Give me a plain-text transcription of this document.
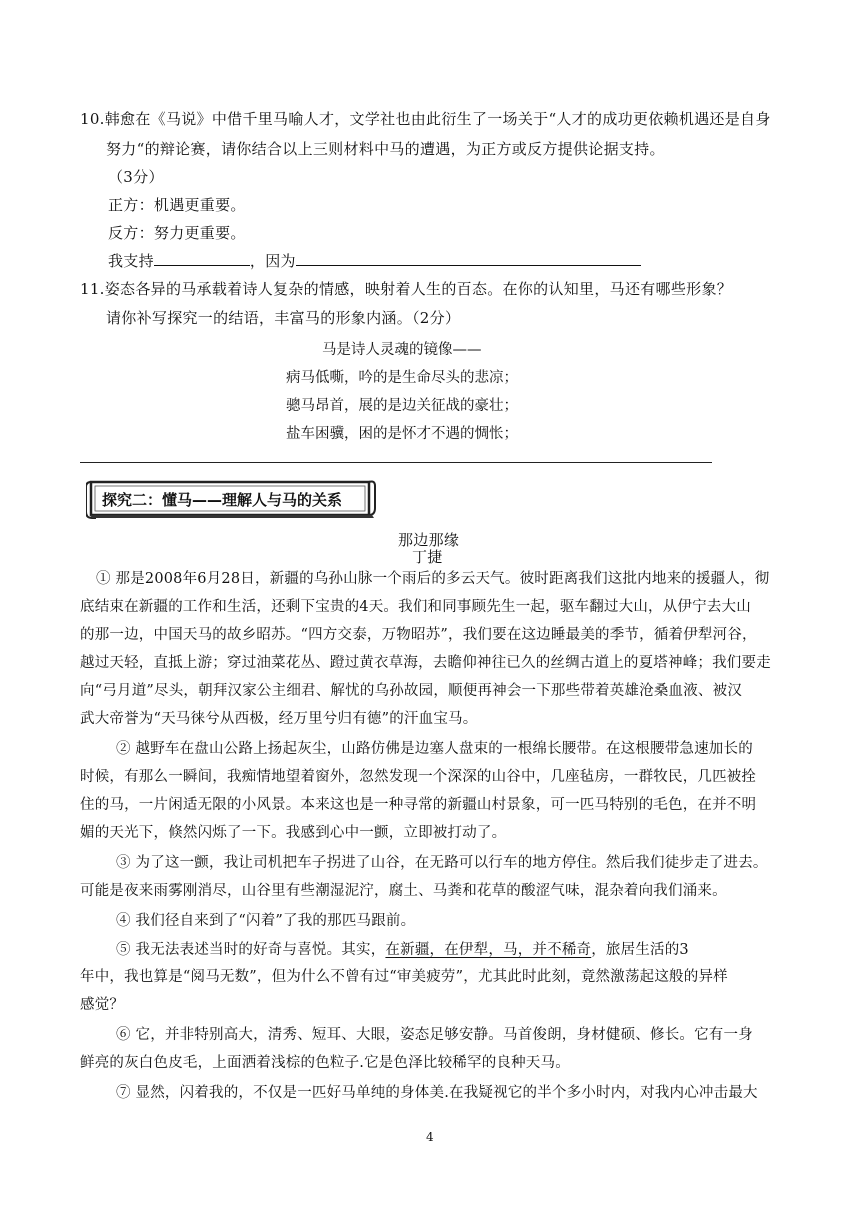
10.韩愈在《马说》中借千里马喻人才，文学社也由此衍生了一场关于“人才的成功更依赖机遇还是自身
努力“的辩论赛，请你结合以上三则材料中马的遭遇，为正方或反方提供论据支持。
（3分）
正方：机遇更重要。
反方：努力更重要。
我支持	，因为
11.姿态各异的马承载着诗人复杂的情感，映射着人生的百态。在你的认知里，马还有哪些形象？
请你补写探究一的结语，丰富马的形象内涵。（2分）
马是诗人灵魂的镜像——
病马低嘶，吟的是生命尽头的悲凉；
骢马昂首，展的是边关征战的豪壮；
盐车困骥，困的是怀才不遇的惆怅；
探究二：懂马——理解人与马的关系
那边那缘
丁捷
① 那是2008年6月28日，新疆的乌孙山脉一个雨后的多云天气。彼时距离我们这批内地来的援疆人，彻
底结束在新疆的工作和生活，还剩下宝贵的4天。我们和同事顾先生一起，驱车翻过大山，从伊宁去大山
的那一边，中国天马的故乡昭苏。“四方交泰，万物昭苏”，我们要在这边睡最美的季节，循着伊犁河谷，
越过天轻，直抵上游；穿过油菜花丛、蹬过黄衣草海，去瞻仰神往已久的丝绸古道上的夏塔神峰；我们要走
向“弓月道”尽头，朝拜汉家公主细君、解忧的乌孙故园，顺便再神会一下那些带着英雄沧桑血液、被汉
武大帝誉为“天马徕兮从西极，经万里兮归有德”的汗血宝马。
② 越野车在盘山公路上扬起灰尘，山路仿佛是边塞人盘束的一根绵长腰带。在这根腰带急速加长的
时候，有那么一瞬间，我痴情地望着窗外，忽然发现一个深深的山谷中，几座毡房，一群牧民，几匹被拴
住的马，一片闲适无限的小风景。本来这也是一种寻常的新疆山村景象，可一匹马特别的毛色，在并不明
媚的天光下，倏然闪烁了一下。我感到心中一颤，立即被打动了。
③ 为了这一颤，我让司机把车子拐进了山谷，在无路可以行车的地方停住。然后我们徒步走了进去。
可能是夜来雨雾刚消尽，山谷里有些潮湿泥泞，腐土、马粪和花草的酸涩气味，混杂着向我们涌来。
④ 我们径自来到了“闪着”了我的那匹马跟前。
⑤ 我无法表述当时的好奇与喜悦。其实，在新疆，在伊犁，马，并不稀奇，旅居生活的3
年中，我也算是“阅马无数”，但为什么不曾有过“审美疲劳”，尤其此时此刻，竟然激荡起这般的异样
感觉？
⑥ 它，并非特别高大，清秀、短耳、大眼，姿态足够安静。马首俊朗，身材健硕、修长。它有一身
鲜亮的灰白色皮毛，上面洒着浅棕的色粒子.它是色泽比较稀罕的良种天马。
⑦ 显然，闪着我的，不仅是一匹好马单纯的身体美.在我疑视它的半个多小时内，对我内心冲击最大
4
